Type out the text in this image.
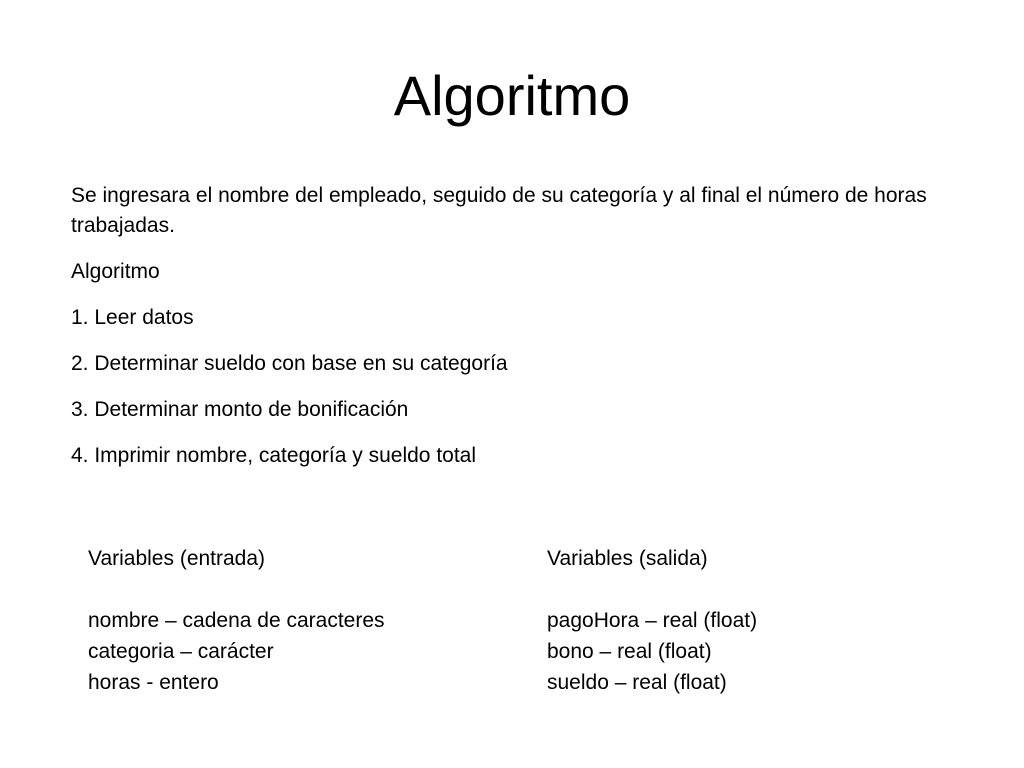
Algoritmo

Se ingresara el nombre del empleado, seguido de su categoría y al final el número de horas trabajadas.

Algoritmo

1. Leer datos

2. Determinar sueldo con base en su categoría

3. Determinar monto de bonificación

4. Imprimir nombre, categoría y sueldo total

Variables (entrada)

nombre – cadena de caracteres

categoria – carácter

horas - entero

Variables (salida)

pagoHora – real (float)

bono – real (float)

sueldo – real (float)
